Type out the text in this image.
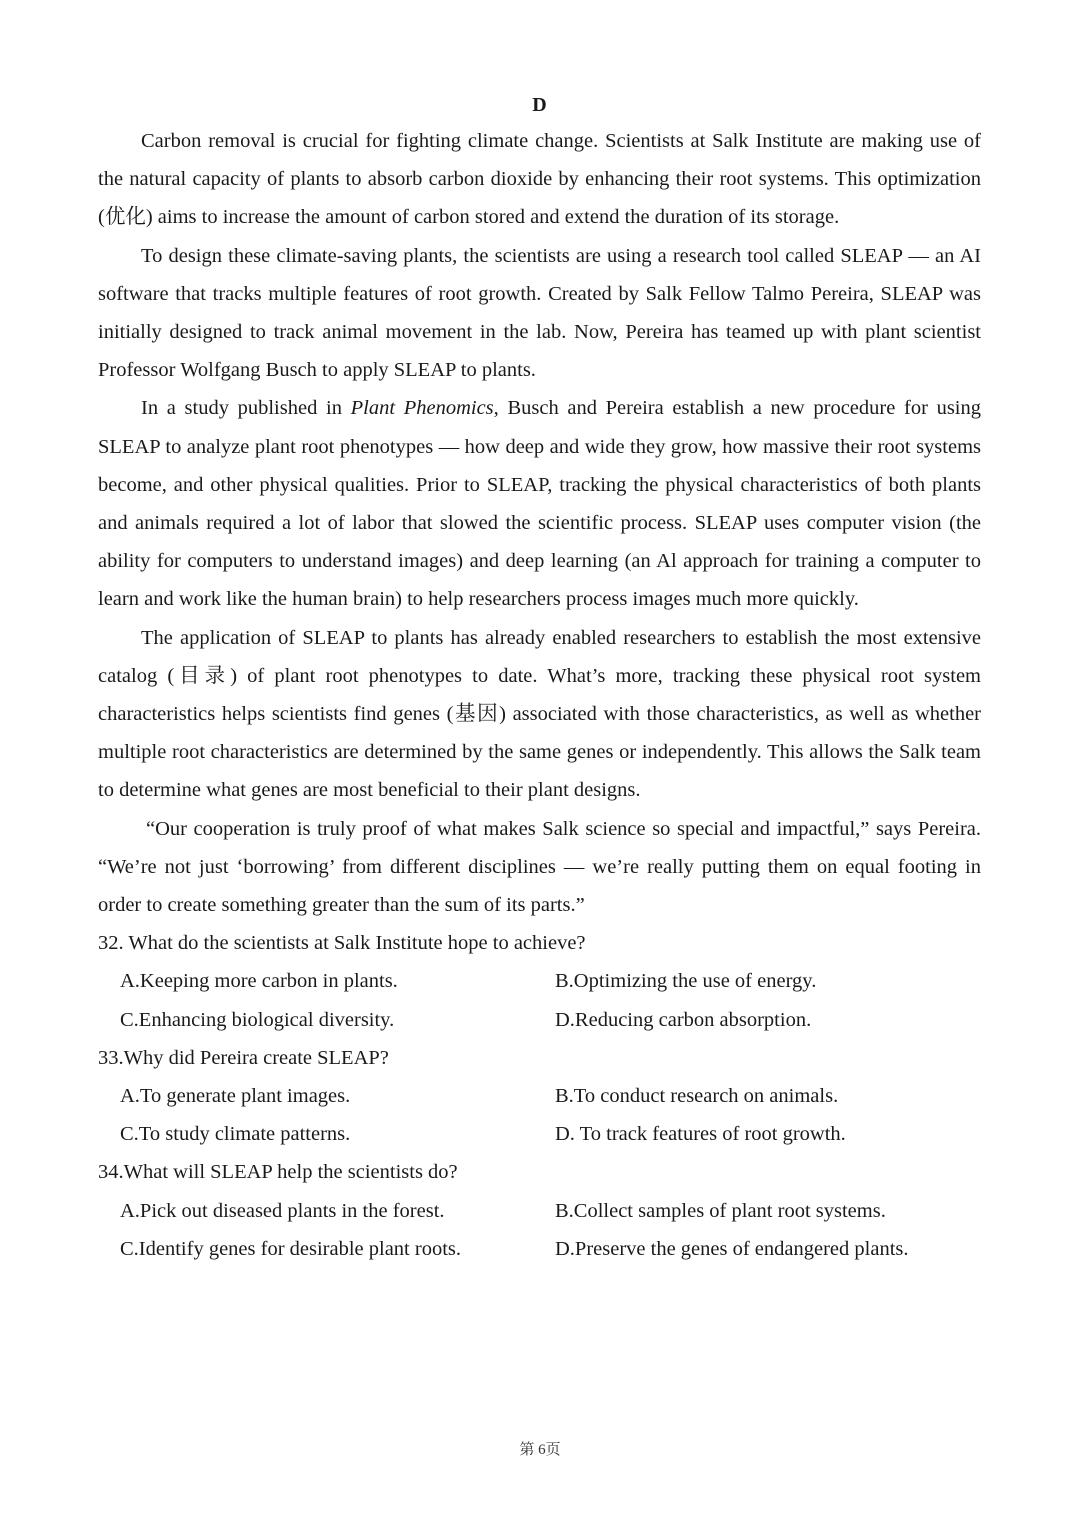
D

Carbon removal is crucial for fighting climate change. Scientists at Salk Institute are making use of the natural capacity of plants to absorb carbon dioxide by enhancing their root systems. This optimization (优化) aims to increase the amount of carbon stored and extend the duration of its storage.

To design these climate-saving plants, the scientists are using a research tool called SLEAP — an AI software that tracks multiple features of root growth. Created by Salk Fellow Talmo Pereira, SLEAP was initially designed to track animal movement in the lab. Now, Pereira has teamed up with plant scientist Professor Wolfgang Busch to apply SLEAP to plants.

In a study published in Plant Phenomics, Busch and Pereira establish a new procedure for using SLEAP to analyze plant root phenotypes — how deep and wide they grow, how massive their root systems become, and other physical qualities. Prior to SLEAP, tracking the physical characteristics of both plants and animals required a lot of labor that slowed the scientific process. SLEAP uses computer vision (the ability for computers to understand images) and deep learning (an Al approach for training a computer to learn and work like the human brain) to help researchers process images much more quickly.

The application of SLEAP to plants has already enabled researchers to establish the most extensive catalog (目录) of plant root phenotypes to date. What’s more, tracking these physical root system characteristics helps scientists find genes (基因) associated with those characteristics, as well as whether multiple root characteristics are determined by the same genes or independently. This allows the Salk team to determine what genes are most beneficial to their plant designs.

“Our cooperation is truly proof of what makes Salk science so special and impactful,” says Pereira. “We’re not just ‘borrowing’ from different disciplines — we’re really putting them on equal footing in order to create something greater than the sum of its parts.”

32. What do the scientists at Salk Institute hope to achieve?

A.Keeping more carbon in plants.	B.Optimizing the use of energy.
C.Enhancing biological diversity.	D.Reducing carbon absorption.

33.Why did Pereira create SLEAP?

A.To generate plant images.	B.To conduct research on animals.
C.To study climate patterns.	D. To track features of root growth.

34.What will SLEAP help the scientists do?

A.Pick out diseased plants in the forest.	B.Collect samples of plant root systems.
C.Identify genes for desirable plant roots.	D.Preserve the genes of endangered plants.
第 6页
